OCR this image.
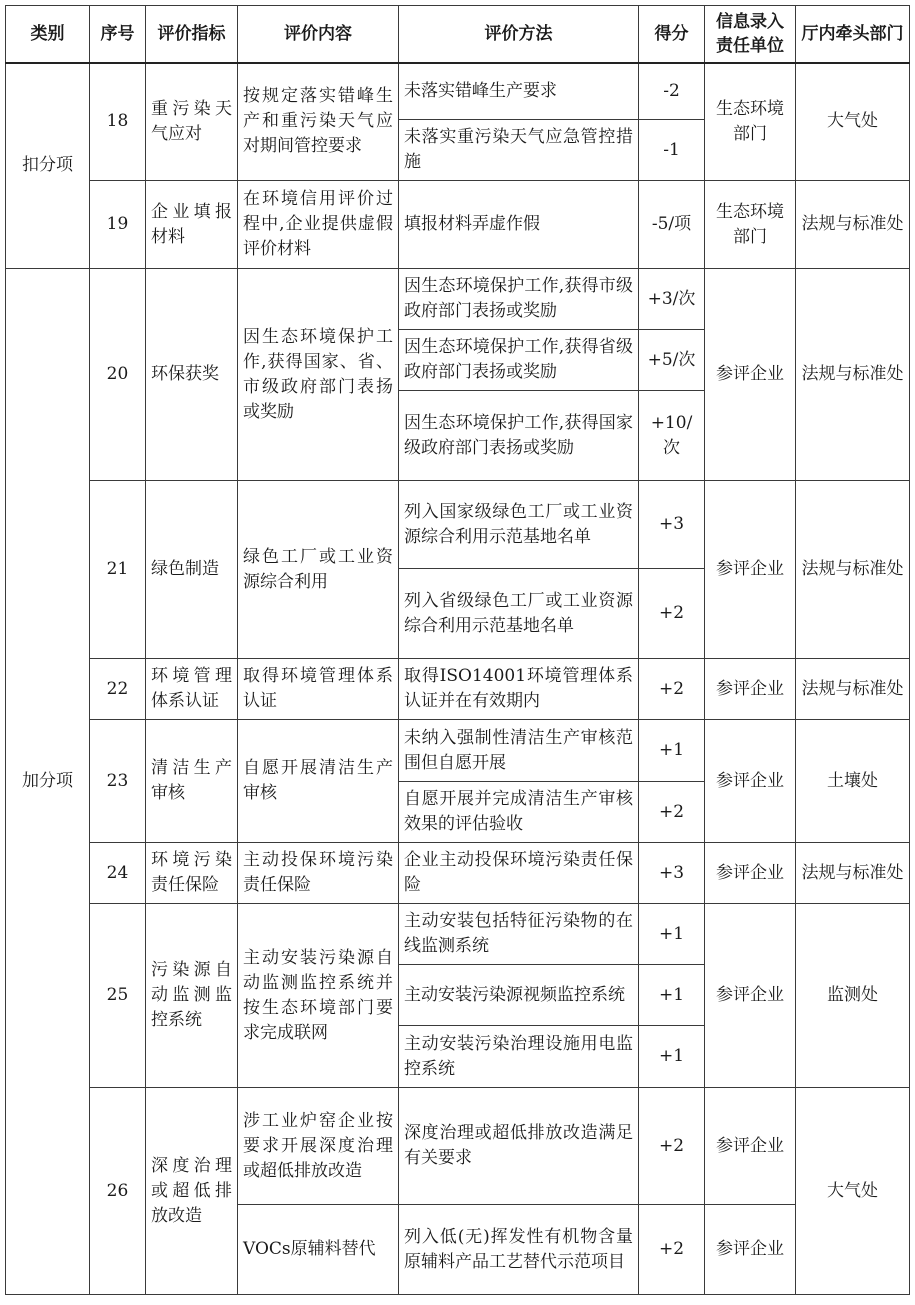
类别	序号	评价指标	评价内容	评价方法	得分	信息录入责任单位	厅内牵头部门
扣分项	18	重污染天气应对	按规定落实错峰生产和重污染天气应对期间管控要求	未落实错峰生产要求	-2	生态环境部门	大气处
				未落实重污染天气应急管控措施	-1		
	19	企业填报材料	在环境信用评价过程中,企业提供虚假评价材料	填报材料弄虚作假	-5/项	生态环境部门	法规与标准处
加分项	20	环保获奖	因生态环境保护工作,获得国家、省、市级政府部门表扬或奖励	因生态环境保护工作,获得市级政府部门表扬或奖励	+3/次	参评企业	法规与标准处
				因生态环境保护工作,获得省级政府部门表扬或奖励	+5/次		
				因生态环境保护工作,获得国家级政府部门表扬或奖励	+10/次		
	21	绿色制造	绿色工厂或工业资源综合利用	列入国家级绿色工厂或工业资源综合利用示范基地名单	+3	参评企业	法规与标准处
				列入省级绿色工厂或工业资源综合利用示范基地名单	+2		
	22	环境管理体系认证	取得环境管理体系认证	取得ISO14001环境管理体系认证并在有效期内	+2	参评企业	法规与标准处
	23	清洁生产审核	自愿开展清洁生产审核	未纳入强制性清洁生产审核范围但自愿开展	+1	参评企业	土壤处
				自愿开展并完成清洁生产审核效果的评估验收	+2		
	24	环境污染责任保险	主动投保环境污染责任保险	企业主动投保环境污染责任保险	+3	参评企业	法规与标准处
	25	污染源自动监测监控系统	主动安装污染源自动监测监控系统并按生态环境部门要求完成联网	主动安装包括特征污染物的在线监测系统	+1	参评企业	监测处
				主动安装污染源视频监控系统	+1		
				主动安装污染治理设施用电监控系统	+1		
	26	深度治理或超低排放改造	涉工业炉窑企业按要求开展深度治理或超低排放改造	深度治理或超低排放改造满足有关要求	+2	参评企业	大气处
			VOCs原辅料替代	列入低(无)挥发性有机物含量原辅料产品工艺替代示范项目	+2	参评企业	
